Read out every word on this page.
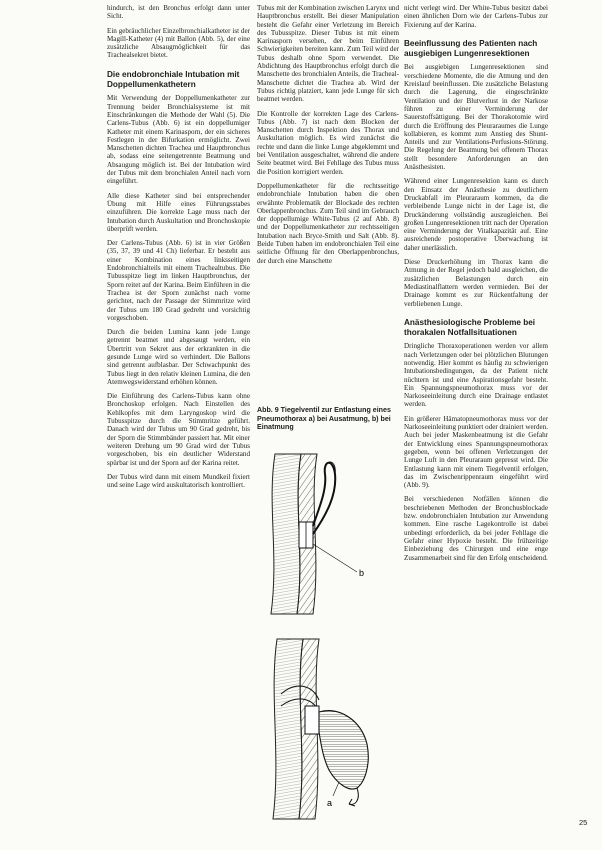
hindurch, ist den Bronchus erfolgt dann unter Sicht.

Ein gebräuchlicher Einzelbronchialkatheter ist der Magill-Katheter (4) mit Ballon (Abb. 5), der eine zusätzliche Absaugmöglichkeit für das Trachealsekret bietet.

Die endobronchiale Intubation mit Doppellumenkathetern

Mit Verwendung der Doppellumenkatheter zur Trennung beider Bronchialsysteme ist mit Einschränkungen die Methode der Wahl (5). Die Carlens-Tubus (Abb. 6) ist ein doppellumiger Katheter mit einem Karinasporn, der ein sicheres Festlegen in der Bifurkation ermöglicht. Zwei Manschetten dichten Trachea und Hauptbronchus ab, sodass eine seitengetrennte Beatmung und Absaugung möglich ist. Bei der Intubation wird der Tubus mit dem bronchialen Anteil nach vorn eingeführt.

Alle diese Katheter sind bei entsprechender Übung mit Hilfe eines Führungsstabes einzuführen. Die korrekte Lage muss nach der Intubation durch Auskultation und Bronchoskopie überprüft werden.

Der Carlens-Tubus (Abb. 6) ist in vier Größen (35, 37, 39 und 41 Ch) lieferbar. Er besteht aus einer Kombination eines linksseitigen Endobronchialteils mit einem Trachealtubus. Die Tubusspitze liegt im linken Hauptbronchus, der Sporn reitet auf der Karina. Beim Einführen in die Trachea ist der Sporn zunächst nach vorne gerichtet, nach der Passage der Stimmritze wird der Tubus um 180 Grad gedreht und vorsichtig vorgeschoben.

Durch die beiden Lumina kann jede Lunge getrennt beatmet und abgesaugt werden, ein Übertritt von Sekret aus der erkrankten in die gesunde Lunge wird so verhindert. Die Ballons sind getrennt aufblasbar. Der Schwachpunkt des Tubus liegt in den relativ kleinen Lumina, die den Atemwegswiderstand erhöhen können.

Die Einführung des Carlens-Tubus kann ohne Bronchoskop erfolgen. Nach Einstellen des Kehlkopfes mit dem Laryngoskop wird die Tubusspitze durch die Stimmritze geführt. Danach wird der Tubus um 90 Grad gedreht, bis der Sporn die Stimmbänder passiert hat. Mit einer weiteren Drehung um 90 Grad wird der Tubus vorgeschoben, bis ein deutlicher Widerstand spürbar ist und der Sporn auf der Karina reitet.

Der Tubus wird dann mit einem Mundkeil fixiert und seine Lage wird auskultatorisch kontrolliert.

Tubus mit der Kombination zwischen Larynx und Hauptbronchus erstellt. Bei dieser Manipulation besteht die Gefahr einer Verletzung im Bereich des Tubusspitze. Dieser Tubus ist mit einem Karinasporn versehen, der beim Einführen Schwierigkeiten bereiten kann. Zum Teil wird der Tubus deshalb ohne Sporn verwendet. Die Abdichtung des Hauptbronchus erfolgt durch die Manschette des bronchialen Anteils, die Tracheal-Manschette dichtet die Trachea ab. Wird der Tubus richtig platziert, kann jede Lunge für sich beatmet werden.

Die Kontrolle der korrekten Lage des Carlens-Tubus (Abb. 7) ist nach dem Blocken der Manschetten durch Inspektion des Thorax und Auskultation möglich. Es wird zunächst die rechte und dann die linke Lunge abgeklemmt und bei Ventilation ausgeschaltet, während die andere Seite beatmet wird. Bei Fehllage des Tubus muss die Position korrigiert werden.

Doppellumenkatheter für die rechtsseitige endobronchiale Intubation haben die oben erwähnte Problematik der Blockade des rechten Oberlappenbronchus. Zum Teil sind im Gebrauch der doppellumige White-Tubus (2 auf Abb. 8) und der Doppellumenkatheter zur rechtsseitigen Intubation nach Bryce-Smith und Salt (Abb. 8). Beide Tuben haben im endobronchialen Teil eine seitliche Öffnung für den Oberlappenbronchus, der durch eine Manschette

Abb. 9 Tiegelventil zur Entlastung eines Pneumothorax a) bei Ausatmung, b) bei Einatmung

b
a

nicht verlegt wird. Der White-Tubus besitzt dabei einen ähnlichen Dorn wie der Carlens-Tubus zur Fixierung auf der Karina.

Beeinflussung des Patienten nach ausgiebigen Lungenresektionen

Bei ausgiebigen Lungenresektionen sind verschiedene Momente, die die Atmung und den Kreislauf beeinflussen. Die zusätzliche Belastung durch die Lagerung, die eingeschränkte Ventilation und der Blutverlust in der Narkose führen zu einer Verminderung der Sauerstoffsättigung. Bei der Thorakotomie wird durch die Eröffnung des Pleuraraumes die Lunge kollabieren, es kommt zum Anstieg des Shunt-Anteils und zur Ventilations-Perfusions-Störung. Die Regelung der Beatmung bei offenem Thorax stellt besondere Anforderungen an den Anästhesisten.

Während einer Lungenresektion kann es durch den Einsatz der Anästhesie zu deutlichem Druckabfall im Pleuraraum kommen, da die verbleibende Lunge nicht in der Lage ist, die Druckänderung vollständig auszugleichen. Bei großen Lungenresektionen tritt nach der Operation eine Verminderung der Vitalkapazität auf. Eine ausreichende postoperative Überwachung ist daher unerlässlich.

Diese Druckerhöhung im Thorax kann die Atmung in der Regel jedoch bald ausgleichen, die zusätzlichen Belastungen durch ein Mediastinalflattern werden vermieden. Bei der Drainage kommt es zur Rückentfaltung der verbliebenen Lunge.

Anästhesiologische Probleme bei thorakalen Notfallsituationen

Dringliche Thoraxoperationen werden vor allem nach Verletzungen oder bei plötzlichen Blutungen notwendig. Hier kommt es häufig zu schwierigen Intubationsbedingungen, da der Patient nicht nüchtern ist und eine Aspirationsgefahr besteht. Ein Spannungspneumothorax muss vor der Narkoseeinleitung durch eine Drainage entlastet werden.

Ein größerer Hämatopneumothorax muss vor der Narkoseeinleitung punktiert oder drainiert werden. Auch bei jeder Maskenbeatmung ist die Gefahr der Entwicklung eines Spannungspneumothorax gegeben, wenn bei offenen Verletzungen der Lunge Luft in den Pleuraraum gepresst wird. Die Entlastung kann mit einem Tiegelventil erfolgen, das im Zwischenrippenraum eingeführt wird (Abb. 9).

Bei verschiedenen Notfällen können die beschriebenen Methoden der Bronchusblockade bzw. endobronchialen Intubation zur Anwendung kommen. Eine rasche Lagekontrolle ist dabei unbedingt erforderlich, da bei jeder Fehllage die Gefahr einer Hypoxie besteht. Die frühzeitige Einbeziehung des Chirurgen und eine enge Zusammenarbeit sind für den Erfolg entscheidend.

25
